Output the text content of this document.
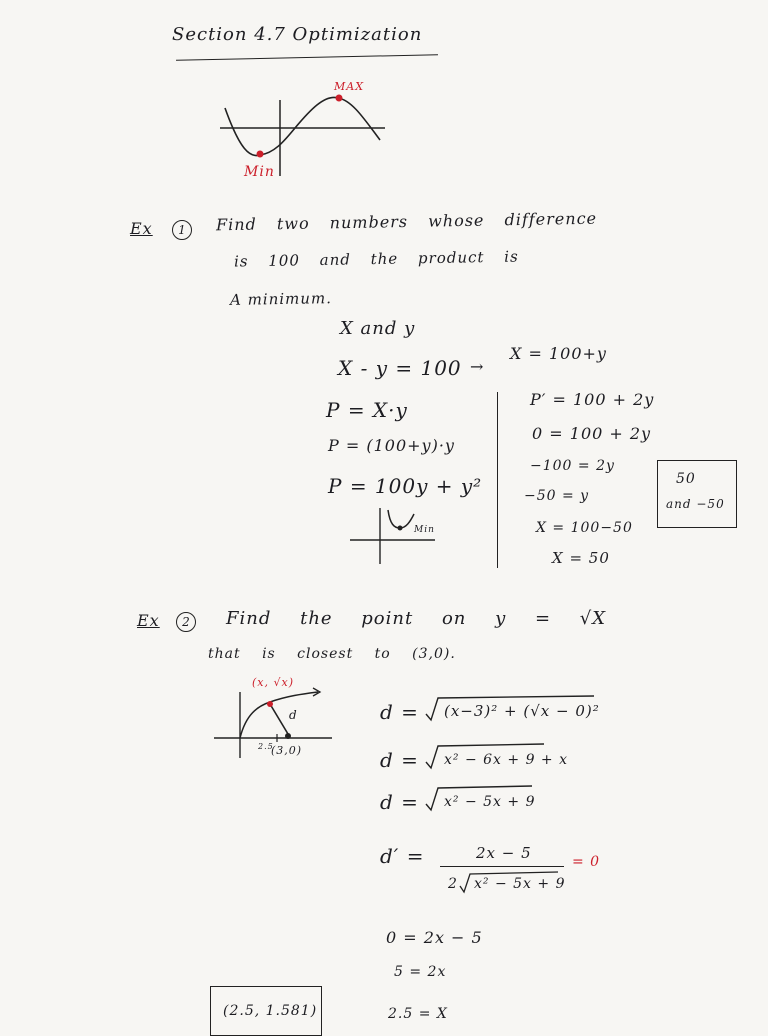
Section 4.7 Optimization
MAX
Min
Ex	1	Find two numbers whose difference
is 100 and the product is
A minimum.
X and y
X - y = 100 →
X = 100+y
P = X·y
P = (100+y)·y
P = 100y + y²
Min
P′ = 100 + 2y
0 = 100 + 2y
−100 = 2y
−50 = y
X = 100−50
X = 50
50
and −50
Ex	2	Find the point on y = √X
that is closest to (3,0).
(x, √x)
d
2.5
(3,0)
d = (x−3)² + (√x − 0)²
d = x² − 6x + 9 + x
d = x² − 5x + 9
d′ =	2x − 5
2 x² − 5x + 9
= 0
0 = 2x − 5
5 = 2x
2.5 = X
(2.5, 1.581)
